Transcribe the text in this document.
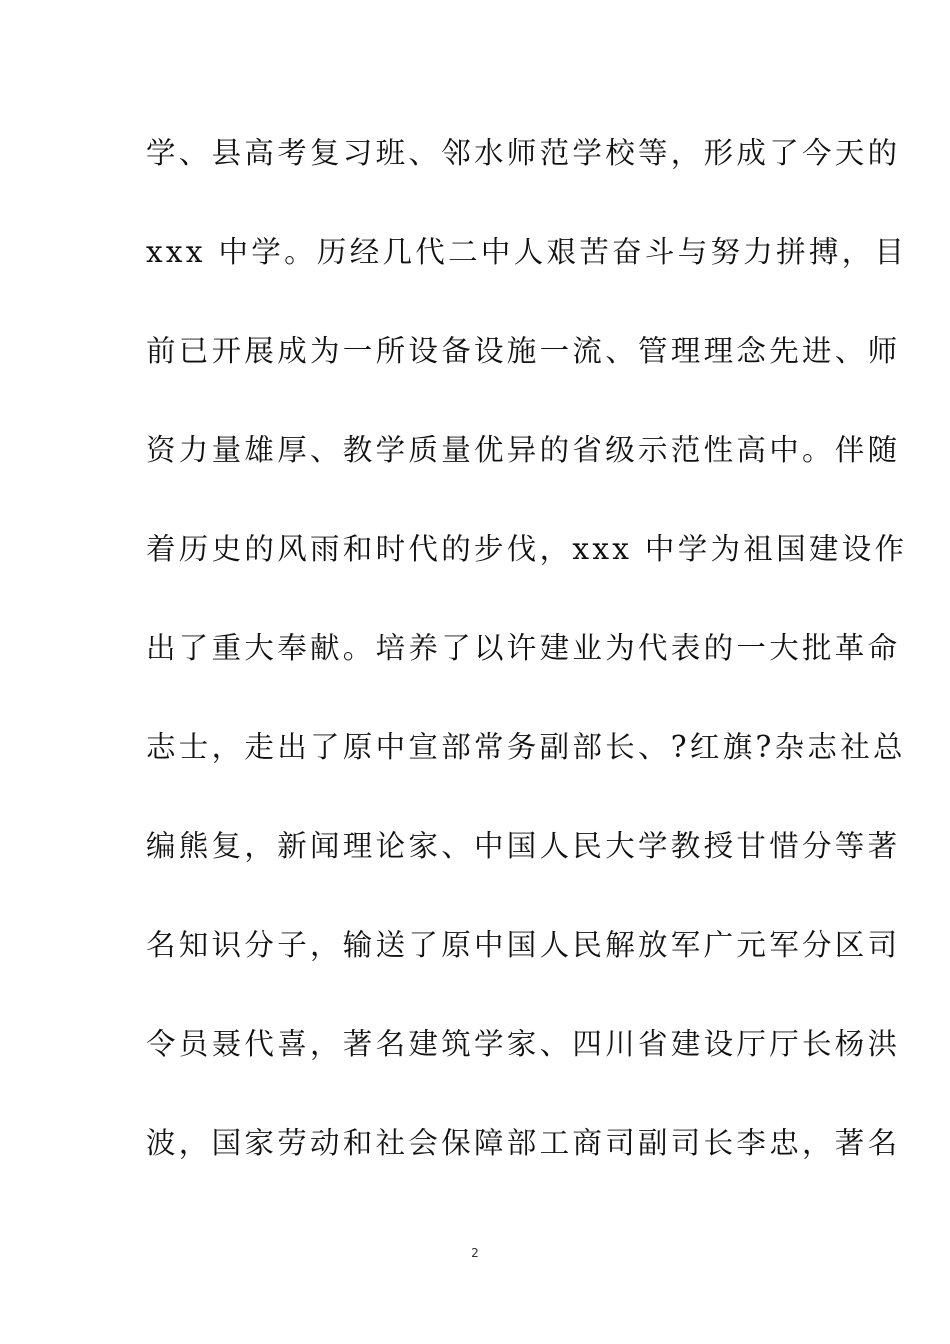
学、县高考复习班、邻水师范学校等，形成了今天的
xxx 中学。历经几代二中人艰苦奋斗与努力拼搏，目
前已开展成为一所设备设施一流、管理理念先进、师
资力量雄厚、教学质量优异的省级示范性高中。伴随
着历史的风雨和时代的步伐，xxx 中学为祖国建设作
出了重大奉献。培养了以许建业为代表的一大批革命
志士，走出了原中宣部常务副部长、?红旗?杂志社总
编熊复，新闻理论家、中国人民大学教授甘惜分等著
名知识分子，输送了原中国人民解放军广元军分区司
令员聂代喜，著名建筑学家、四川省建设厅厅长杨洪
波，国家劳动和社会保障部工商司副司长李忠，著名
2
